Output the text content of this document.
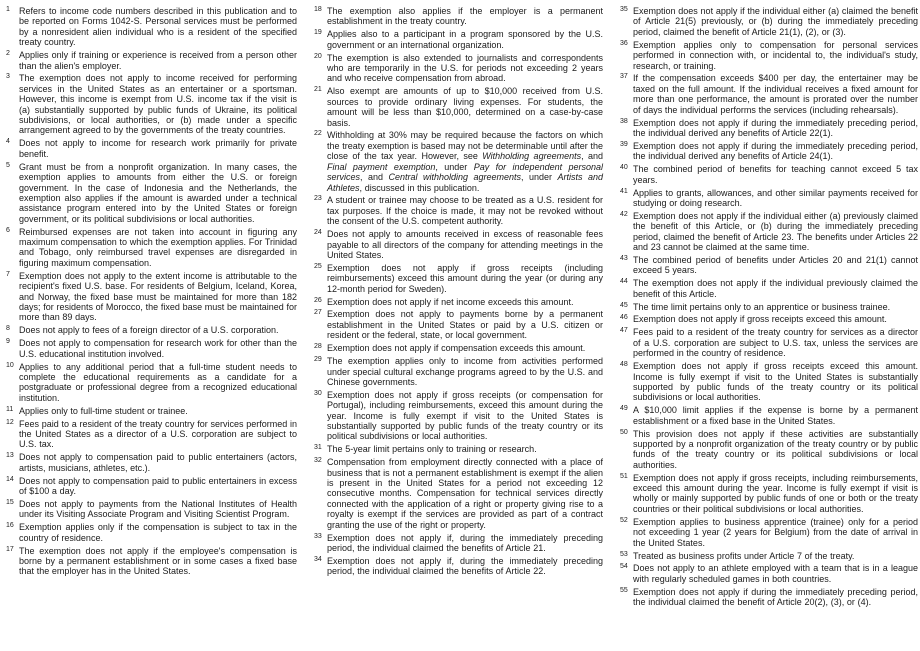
1 Refers to income code numbers described in this publication and to be reported on Forms 1042-S. Personal services must be performed by a nonresident alien individual who is a resident of the specified treaty country.
2 Applies only if training or experience is received from a person other than the alien's employer.
3 The exemption does not apply to income received for performing services in the United States as an entertainer or a sportsman. However, this income is exempt from U.S. income tax if the visit is (a) substantially supported by public funds of Ukraine, its political subdivisions, or local authorities, or (b) made under a specific arrangement agreed to by the governments of the treaty countries.
4 Does not apply to income for research work primarily for private benefit.
5 Grant must be from a nonprofit organization. In many cases, the exemption applies to amounts from either the U.S. or foreign government. In the case of Indonesia and the Netherlands, the exemption also applies if the amount is awarded under a technical assistance program entered into by the United States or foreign government, or its political subdivisions or local authorities.
6 Reimbursed expenses are not taken into account in figuring any maximum compensation to which the exemption applies. For Trinidad and Tobago, only reimbursed travel expenses are disregarded in figuring maximum compensation.
7 Exemption does not apply to the extent income is attributable to the recipient's fixed U.S. base. For residents of Belgium, Iceland, Korea, and Norway, the fixed base must be maintained for more than 182 days; for residents of Morocco, the fixed base must be maintained for more than 89 days.
8 Does not apply to fees of a foreign director of a U.S. corporation.
9 Does not apply to compensation for research work for other than the U.S. educational institution involved.
10 Applies to any additional period that a full-time student needs to complete the educational requirements as a candidate for a postgraduate or professional degree from a recognized educational institution.
11 Applies only to full-time student or trainee.
12 Fees paid to a resident of the treaty country for services performed in the United States as a director of a U.S. corporation are subject to U.S. tax.
13 Does not apply to compensation paid to public entertainers (actors, artists, musicians, athletes, etc.).
14 Does not apply to compensation paid to public entertainers in excess of $100 a day.
15 Does not apply to payments from the National Institutes of Health under its Visiting Associate Program and Visiting Scientist Program.
16 Exemption applies only if the compensation is subject to tax in the country of residence.
17 The exemption does not apply if the employee's compensation is borne by a permanent establishment or in some cases a fixed base that the employer has in the United States.
18 The exemption also applies if the employer is a permanent establishment in the treaty country.
19 Applies also to a participant in a program sponsored by the U.S. government or an international organization.
20 The exemption is also extended to journalists and correspondents who are temporarily in the U.S. for periods not exceeding 2 years and who receive compensation from abroad.
21 Also exempt are amounts of up to $10,000 received from U.S. sources to provide ordinary living expenses. For students, the amount will be less than $10,000, determined on a case-by-case basis.
22 Withholding at 30% may be required because the factors on which the treaty exemption is based may not be determinable until after the close of the tax year. However, see Withholding agreements, and Final payment exemption, under Pay for independent personal services, and Central withholding agreements, under Artists and Athletes, discussed in this publication.
23 A student or trainee may choose to be treated as a U.S. resident for tax purposes. If the choice is made, it may not be revoked without the consent of the U.S. competent authority.
24 Does not apply to amounts received in excess of reasonable fees payable to all directors of the company for attending meetings in the United States.
25 Exemption does not apply if gross receipts (including reimbursements) exceed this amount during the year (or during any 12-month period for Sweden).
26 Exemption does not apply if net income exceeds this amount.
27 Exemption does not apply to payments borne by a permanent establishment in the United States or paid by a U.S. citizen or resident or the federal, state, or local government.
28 Exemption does not apply if compensation exceeds this amount.
29 The exemption applies only to income from activities performed under special cultural exchange programs agreed to by the U.S. and Chinese governments.
30 Exemption does not apply if gross receipts (or compensation for Portugal), including reimbursements, exceed this amount during the year. Income is fully exempt if visit to the United States is substantially supported by public funds of the treaty country or its political subdivisions or local authorities.
31 The 5-year limit pertains only to training or research.
32 Compensation from employment directly connected with a place of business that is not a permanent establishment is exempt if the alien is present in the United States for a period not exceeding 12 consecutive months. Compensation for technical services directly connected with the application of a right or property giving rise to a royalty is exempt if the services are provided as part of a contract granting the use of the right or property.
33 Exemption does not apply if, during the immediately preceding period, the individual claimed the benefits of Article 21.
34 Exemption does not apply if, during the immediately preceding period, the individual claimed the benefits of Article 22.
35 Exemption does not apply if the individual either (a) claimed the benefit of Article 21(5) previously, or (b) during the immediately preceding period, claimed the benefit of Article 21(1), (2), or (3).
36 Exemption applies only to compensation for personal services performed in connection with, or incidental to, the individual's study, research, or training.
37 If the compensation exceeds $400 per day, the entertainer may be taxed on the full amount. If the individual receives a fixed amount for more than one performance, the amount is prorated over the number of days the individual performs the services (including rehearsals).
38 Exemption does not apply if during the immediately preceding period, the individual derived any benefits of Article 22(1).
39 Exemption does not apply if during the immediately preceding period, the individual derived any benefits of Article 24(1).
40 The combined period of benefits for teaching cannot exceed 5 tax years.
41 Applies to grants, allowances, and other similar payments received for studying or doing research.
42 Exemption does not apply if the individual either (a) previously claimed the benefit of this Article, or (b) during the immediately preceding period, claimed the benefit of Article 23. The benefits under Articles 22 and 23 cannot be claimed at the same time.
43 The combined period of benefits under Articles 20 and 21(1) cannot exceed 5 years.
44 The exemption does not apply if the individual previously claimed the benefit of this Article.
45 The time limit pertains only to an apprentice or business trainee.
46 Exemption does not apply if gross receipts exceed this amount.
47 Fees paid to a resident of the treaty country for services as a director of a U.S. corporation are subject to U.S. tax, unless the services are performed in the country of residence.
48 Exemption does not apply if gross receipts exceed this amount. Income is fully exempt if visit to the United States is substantially supported by public funds of the treaty country or its political subdivisions or local authorities.
49 A $10,000 limit applies if the expense is borne by a permanent establishment or a fixed base in the United States.
50 This provision does not apply if these activities are substantially supported by a nonprofit organization of the treaty country or by public funds of the treaty country or its political subdivisions or local authorities.
51 Exemption does not apply if gross receipts, including reimbursements, exceed this amount during the year. Income is fully exempt if visit is wholly or mainly supported by public funds of one or both or the treaty countries or their political subdivisions or local authorities.
52 Exemption applies to business apprentice (trainee) only for a period not exceeding 1 year (2 years for Belgium) from the date of arrival in the United States.
53 Treated as business profits under Article 7 of the treaty.
54 Does not apply to an athlete employed with a team that is in a league with regularly scheduled games in both countries.
55 Exemption does not apply if during the immediately preceding period, the individual claimed the benefit of Article 20(2), (3), or (4).
